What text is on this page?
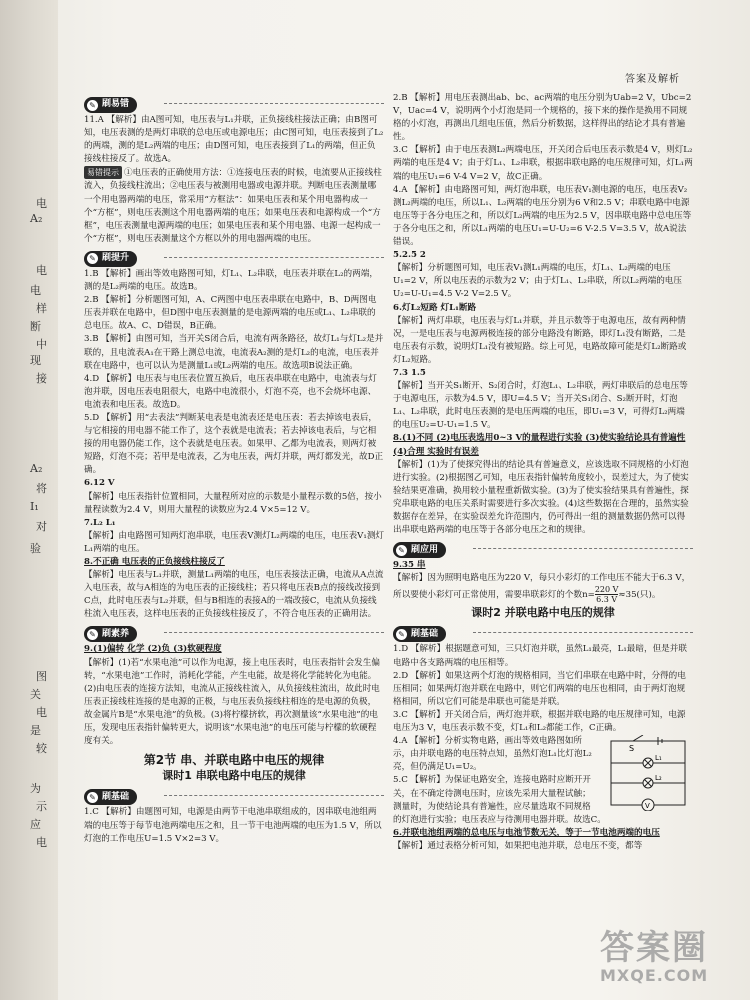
电
A₂
电
电
样
断
中
现
接
A₂
将
I₁
对
验
图
关
电
是
较
为
示
应
电
答案及解析
✎ 刷易错

11.A 【解析】由A图可知，电压表与L₁并联，正负接线柱接法正确；由B图可知，电压表测的是两灯串联的总电压或电源电压；由C图可知，电压表接到了L₂的两端，测的是L₂两端的电压；由D图可知，电压表接到了L₁的两端，但正负接线柱接反了。故选A。

易错提示 ①电压表的正确使用方法：①连接电压表的时候，电流要从正接线柱流入，负接线柱流出；②电压表与被测用电器或电源并联。判断电压表测量哪一个用电器两端的电压，常采用“方框法”：如果电压表和某个用电器构成一个“方框”，则电压表测这个用电器两端的电压；如果电压表和电源构成一个“方框”，电压表测量电源两端的电压；如果电压表和某个用电器、电源一起构成一个“方框”，则电压表测量这个方框以外的用电器两端的电压。

✎ 刷提升

1.B 【解析】画出等效电路图可知，灯L₁、L₂串联，电压表并联在L₂的两端，测的是L₂两端的电压。故选B。

2.B 【解析】分析题图可知，A、C两图中电压表串联在电路中，B、D两图电压表并联在电路中，但D图中电压表测量的是电源两端的电压或L₁、L₂串联的总电压。故A、C、D错误，B正确。

3.B 【解析】由图可知，当开关S闭合后，电流有两条路径，故灯L₁与灯L₂是并联的，且电流表A₁在干路上测总电流，电流表A₂测的是灯L₂的电流，电压表并联在电路中，也可以认为是测量L₁或L₂两端的电压。故选项B说法正确。

4.D 【解析】电压表与电压表位置互换后，电压表串联在电路中，电流表与灯泡并联，因电压表电阻很大，电路中电流很小，灯泡不亮，也不会烧坏电源、电流表和电压表。故选D。

5.D 【解析】用“去表法”判断某电表是电流表还是电压表：若去掉该电表后，与它相接的用电器不能工作了，这个表就是电流表；若去掉该电表后，与它相接的用电器仍能工作，这个表就是电压表。如果甲、乙都为电流表，则两灯被短路，灯泡不亮；若甲是电流表，乙为电压表，两灯并联，两灯都发光，故D正确。

6.12 V

【解析】电压表指针位置相同，大量程所对应的示数是小量程示数的5倍，按小量程读数为2.4 V，则用大量程的读数应为2.4 V×5=12 V。

7.L₂ L₁

【解析】由电路图可知两灯泡串联，电压表V测灯L₂两端的电压，电压表V₁测灯L₁两端的电压。

8.不正确 电压表的正负接线柱接反了

【解析】电压表与L₁并联，测量L₁两端的电压，电压表接法正确，电流从A点流入电压表，故与A相连的为电压表的正接线柱；若只将电压表B点的接线改接到C点，此时电压表与L₂并联，但与B相连的表接A的一端改接C，电流从负接线柱流入电压表，这样电压表的正负接线柱接反了，不符合电压表的正确用法。

✎ 刷素养

9.(1)偏转 化学 (2)负 (3)软硬程度

【解析】(1)若“水果电池”可以作为电源，接上电压表时，电压表指针会发生偏转，“水果电池”工作时，消耗化学能，产生电能，故是将化学能转化为电能。(2)由电压表的连接方法知，电流从正接线柱流入，从负接线柱流出，故此时电压表正接线柱连接的是电源的正极，与电压表负接线柱相连的是电源的负极，故金属片B是“水果电池”的负极。(3)将柠檬挤软，再次测量该“水果电池”的电压，发现电压表指针偏转更大，说明该“水果电池”的电压可能与柠檬的软硬程度有关。

第2节 串、并联电路中电压的规律
课时1 串联电路中电压的规律
✎ 刷基础

1.C 【解析】由题图可知，电源是由两节干电池串联组成的，因串联电池组两端的电压等于每节电池两端电压之和，且一节干电池两端的电压为1.5 V，所以灯泡的工作电压U=1.5 V×2=3 V。

2.B 【解析】用电压表测出ab、bc、ac两端的电压分别为Uab=2 V，Ubc=2 V，Uac=4 V，说明两个小灯泡是同一个规格的，接下来的操作是换用不同规格的小灯泡，再测出几组电压值，然后分析数据，这样得出的结论才具有普遍性。

3.C 【解析】由于电压表测L₂两端电压，开关闭合后电压表示数是4 V，则灯L₂两端的电压是4 V；由于灯L₁、L₂串联，根据串联电路的电压规律可知，灯L₁两端的电压U₁=6 V-4 V=2 V，故C正确。

4.A 【解析】由电路图可知，两灯泡串联，电压表V₁测电源的电压，电压表V₂测L₂两端的电压，所以L₁、L₂两端的电压分别为6 V和2.5 V；串联电路中电源电压等于各分电压之和，所以灯L₂两端的电压为2.5 V，因串联电路中总电压等于各分电压之和，所以L₁两端的电压U₁=U-U₂=6 V-2.5 V=3.5 V，故A说法错误。

5.2.5 2

【解析】分析题图可知，电压表V₁测L₁两端的电压，灯L₁、L₂两端的电压U₁=2 V，所以电压表的示数为2 V；由于灯L₁、L₂串联，所以L₂两端的电压U₂=U-U₁=4.5 V-2 V=2.5 V。

6.灯L₂短路 灯L₁断路

【解析】两灯串联，电压表与灯L₁并联，并且示数等于电源电压，故有两种情况，一是电压表与电源两极连接的部分电路没有断路，即灯L₁没有断路，二是电压表有示数，说明灯L₁没有被短路。综上可见，电路故障可能是灯L₂断路或灯L₂短路。

7.3 1.5

【解析】当开关S₁断开、S₂闭合时，灯泡L₁、L₂串联，两灯串联后的总电压等于电源电压，示数为4.5 V，即U=4.5 V；当开关S₁闭合、S₂断开时，灯泡L₁、L₂串联，此时电压表测的是电压两端的电压，即U₁=3 V，可得灯L₂两端的电压U₂=U-U₁=1.5 V。

8.(1)不同 (2)电压表选用0~3 V的量程进行实验 (3)使实验结论具有普遍性 (4)合理 实验时有误差

【解析】(1)为了使探究得出的结论具有普遍意义，应该选取不同规格的小灯泡进行实验。(2)根据图乙可知，电压表指针偏转角度较小，误差过大，为了使实验结果更准确，换用较小量程重新做实验。(3)为了使实验结果具有普遍性，探究串联电路的电压关系时需要进行多次实验。(4)这些数据在合理的，虽然实验数据存在差异，在实验误差允许范围内，仍可得出一组的测量数据仍然可以得出串联电路两端的电压等于各部分电压之和的规律。

✎ 刷应用

9.35 串

【解析】因为照明电路电压为220 V，每只小彩灯的工作电压不能大于6.3 V，所以要使小彩灯可正常使用，需要串联彩灯的个数$n= \frac{220 V}{6.3 V} \approx 35$(只)。

课时2 并联电路中电压的规律
✎ 刷基础

1.D 【解析】根据题意可知，三只灯泡并联，虽然L₁最亮，L₁最暗，但是并联电路中各支路两端的电压相等。

2.D 【解析】如果这两个灯泡的规格相同，当它们串联在电路中时，分得的电压相同；如果两灯泡并联在电路中，则它们两端的电压也相同，由于两灯泡规格相同，所以它们可能是串联也可能是并联。

3.C 【解析】开关闭合后，两灯泡并联，根据并联电路的电压规律可知，电源电压为3 V，电压表示数不变，灯L₁和L₂都能工作，C正确。

S
L₁
L₂
V

4.A 【解析】分析实物电路，画出等效电路图如所示，由并联电路的电压特点知，虽然灯泡L₁比灯泡L₂亮，但仍满足U₁=U₂。

5.C 【解析】为保证电路安全，连接电路时应断开开关，在不确定待测电压时，应该先采用大量程试触；测量时，为使结论具有普遍性，应尽量选取不同规格的灯泡进行实验；电压表应与待测用电器并联。故选C。

6.并联电池组两端的总电压与电池节数无关，等于一节电池两端的电压

【解析】通过表格分析可知，如果把电池并联，总电压不变，都等

答案圈
MXQE.COM
